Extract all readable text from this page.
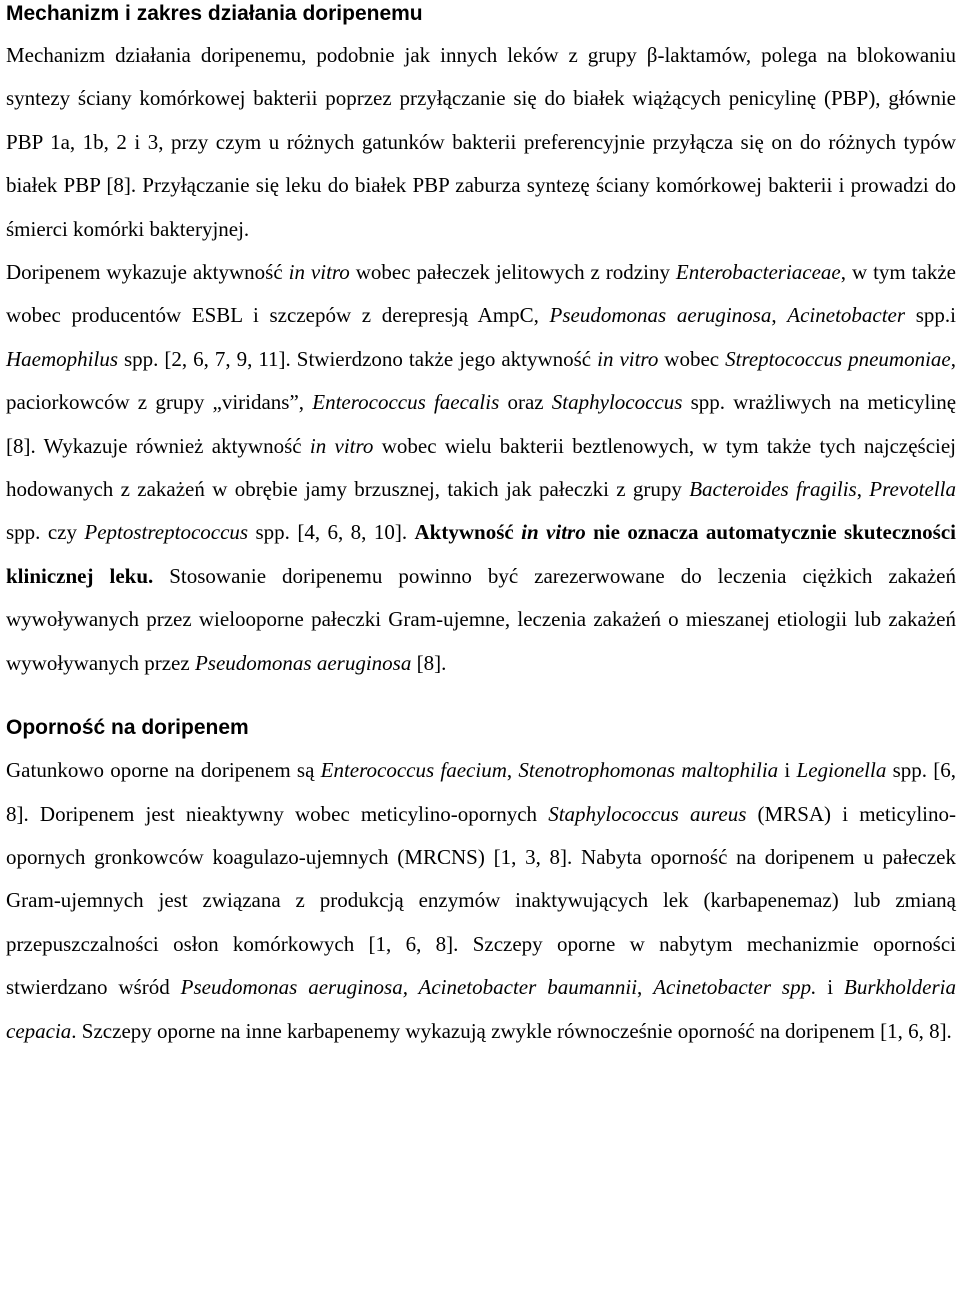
Mechanizm i zakres działania doripenemu

Mechanizm działania doripenemu, podobnie jak innych leków z grupy β-laktamów, polega na blokowaniu syntezy ściany komórkowej bakterii poprzez przyłączanie się do białek wiążących penicylinę (PBP), głównie PBP 1a, 1b, 2 i 3, przy czym u różnych gatunków bakterii preferencyjnie przyłącza się on do różnych typów białek PBP [8]. Przyłączanie się leku do białek PBP zaburza syntezę ściany komórkowej bakterii i prowadzi do śmierci komórki bakteryjnej.

Doripenem wykazuje aktywność in vitro wobec pałeczek jelitowych z rodziny Enterobacteriaceae, w tym także wobec producentów ESBL i szczepów z derepresją AmpC, Pseudomonas aeruginosa, Acinetobacter spp.i Haemophilus spp. [2, 6, 7, 9, 11]. Stwierdzono także jego aktywność in vitro wobec Streptococcus pneumoniae, paciorkowców z grupy „viridans”, Enterococcus faecalis oraz Staphylococcus spp. wrażliwych na meticylinę [8]. Wykazuje również aktywność in vitro wobec wielu bakterii beztlenowych, w tym także tych najczęściej hodowanych z zakażeń w obrębie jamy brzusznej, takich jak pałeczki z grupy Bacteroides fragilis, Prevotella spp. czy Peptostreptococcus spp. [4, 6, 8, 10]. Aktywność in vitro nie oznacza automatycznie skuteczności klinicznej leku. Stosowanie doripenemu powinno być zarezerwowane do leczenia ciężkich zakażeń wywoływanych przez wielooporne pałeczki Gram-ujemne, leczenia zakażeń o mieszanej etiologii lub zakażeń wywoływanych przez Pseudomonas aeruginosa [8].

Oporność na doripenem

Gatunkowo oporne na doripenem są Enterococcus faecium, Stenotrophomonas maltophilia i Legionella spp. [6, 8]. Doripenem jest nieaktywny wobec meticylino-opornych Staphylococcus aureus (MRSA) i meticylino-opornych gronkowców koagulazo-ujemnych (MRCNS) [1, 3, 8]. Nabyta oporność na doripenem u pałeczek Gram-ujemnych jest związana z produkcją enzymów inaktywujących lek (karbapenemaz) lub zmianą przepuszczalności osłon komórkowych [1, 6, 8]. Szczepy oporne w nabytym mechanizmie oporności stwierdzano wśród Pseudomonas aeruginosa, Acinetobacter baumannii, Acinetobacter spp. i Burkholderia cepacia. Szczepy oporne na inne karbapenemy wykazują zwykle równocześnie oporność na doripenem [1, 6, 8].
